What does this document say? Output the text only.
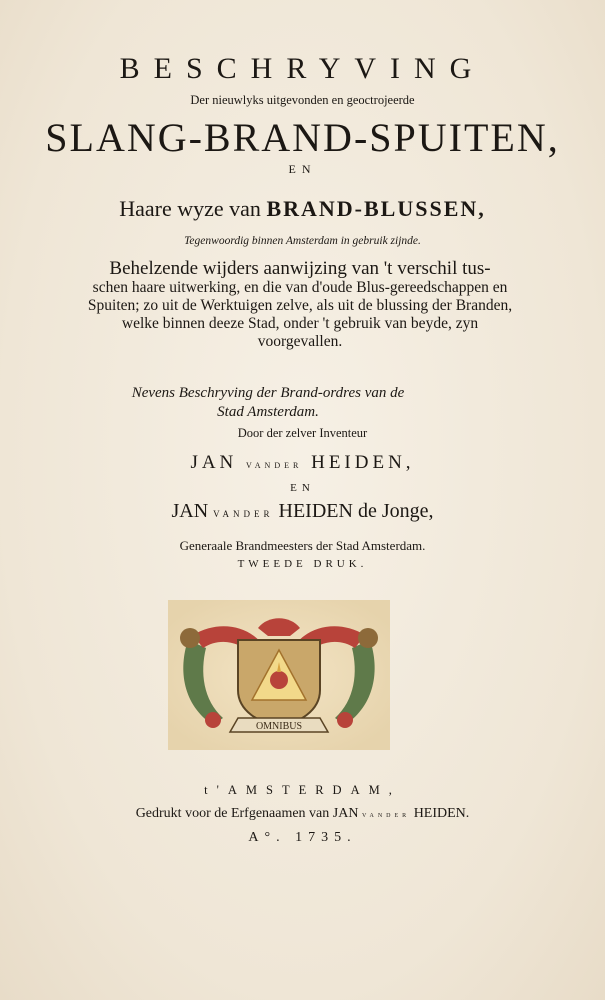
BESCHRYVING
Der nieuwlyks uitgevonden en geoctrojeerde
SLANG-BRAND-SPUITEN,
EN
Haare wyze van BRAND-BLUSSEN,
Tegenwoordig binnen Amsterdam in gebruik zijnde.
Behelzende wijders aanwijzing van 't verschil tus-
schen haare uitwerking, en die van d'oude Blus-gereedschappen en Spuiten; zo uit de Werktuigen zelve, als uit de blussing der Branden, welke binnen deeze Stad, onder 't gebruik van beyde, zyn voorgevallen.
Nevens Beschryving der Brand-ordres van de Stad Amsterdam.
Door der zelver Inventeur
JAN vander HEIDEN,
EN
JAN vander HEIDEN de Jonge,
Generaale Brandmeesters der Stad Amsterdam.
TWEEDE DRUK.
OMNIBUS
t'AMSTERDAM,
Gedrukt voor de Erfgenaamen van JAN vander HEIDEN.
A°. 1735.
